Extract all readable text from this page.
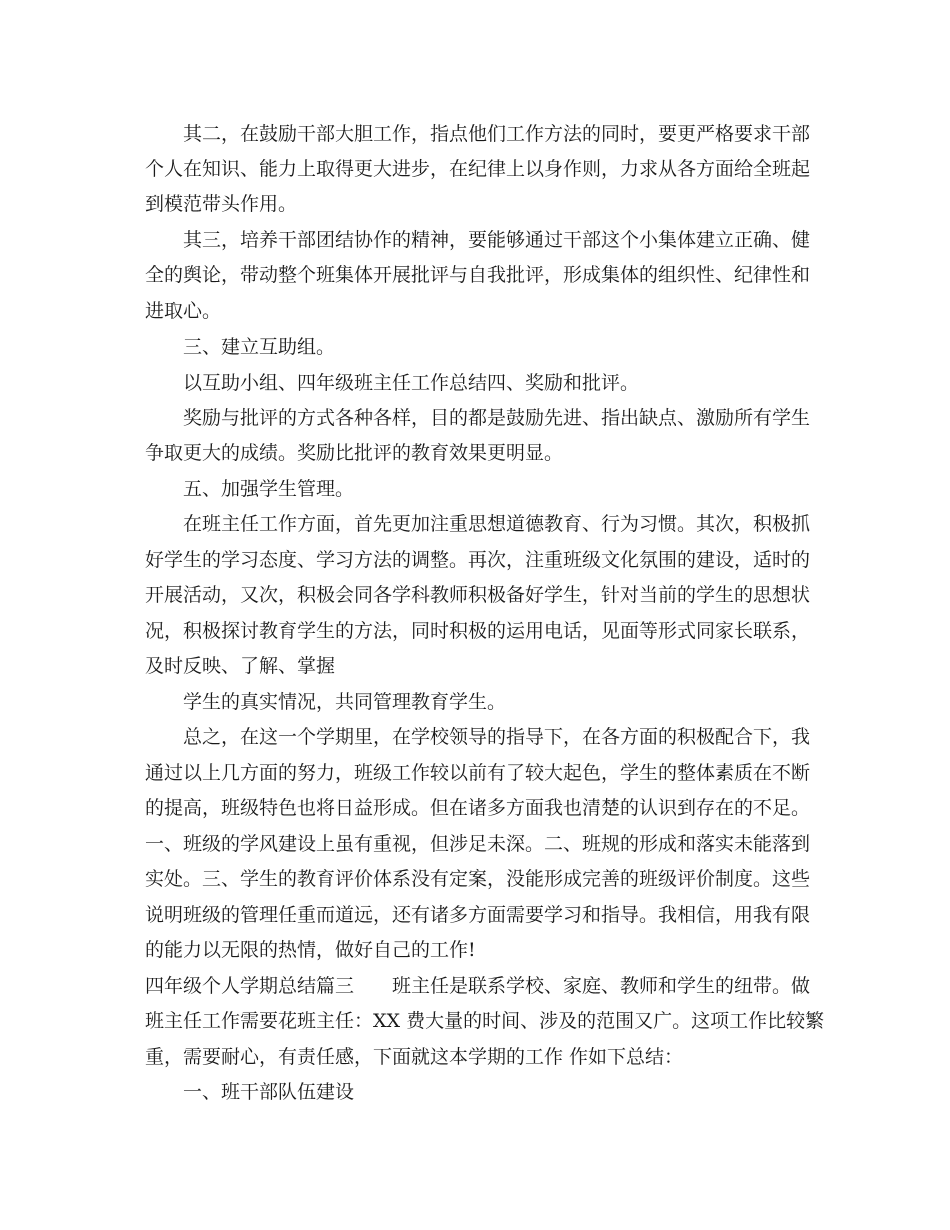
其二，在鼓励干部大胆工作，指点他们工作方法的同时，要更严格要求干部
个人在知识、能力上取得更大进步，在纪律上以身作则，力求从各方面给全班起
到模范带头作用。
其三，培养干部团结协作的精神，要能够通过干部这个小集体建立正确、健
全的舆论，带动整个班集体开展批评与自我批评，形成集体的组织性、纪律性和
进取心。
三、建立互助组。
以互助小组、四年级班主任工作总结四、奖励和批评。
奖励与批评的方式各种各样，目的都是鼓励先进、指出缺点、激励所有学生
争取更大的成绩。奖励比批评的教育效果更明显。
五、加强学生管理。
在班主任工作方面，首先更加注重思想道德教育、行为习惯。其次，积极抓
好学生的学习态度、学习方法的调整。再次，注重班级文化氛围的建设，适时的
开展活动，又次，积极会同各学科教师积极备好学生，针对当前的学生的思想状
况，积极探讨教育学生的方法，同时积极的运用电话，见面等形式同家长联系，
及时反映、了解、掌握
学生的真实情况，共同管理教育学生。
总之，在这一个学期里，在学校领导的指导下，在各方面的积极配合下，我
通过以上几方面的努力，班级工作较以前有了较大起色，学生的整体素质在不断
的提高，班级特色也将日益形成。但在诸多方面我也清楚的认识到存在的不足。
一、班级的学风建设上虽有重视，但涉足未深。二、班规的形成和落实未能落到
实处。三、学生的教育评价体系没有定案，没能形成完善的班级评价制度。这些
说明班级的管理任重而道远，还有诸多方面需要学习和指导。我相信，用我有限
的能力以无限的热情，做好自己的工作!
四年级个人学期总结篇三　　班主任是联系学校、家庭、教师和学生的纽带。做
班主任工作需要花班主任：XX 费大量的时间、涉及的范围又广。这项工作比较繁
重，需要耐心，有责任感，下面就这本学期的工作 作如下总结：
一、班干部队伍建设
